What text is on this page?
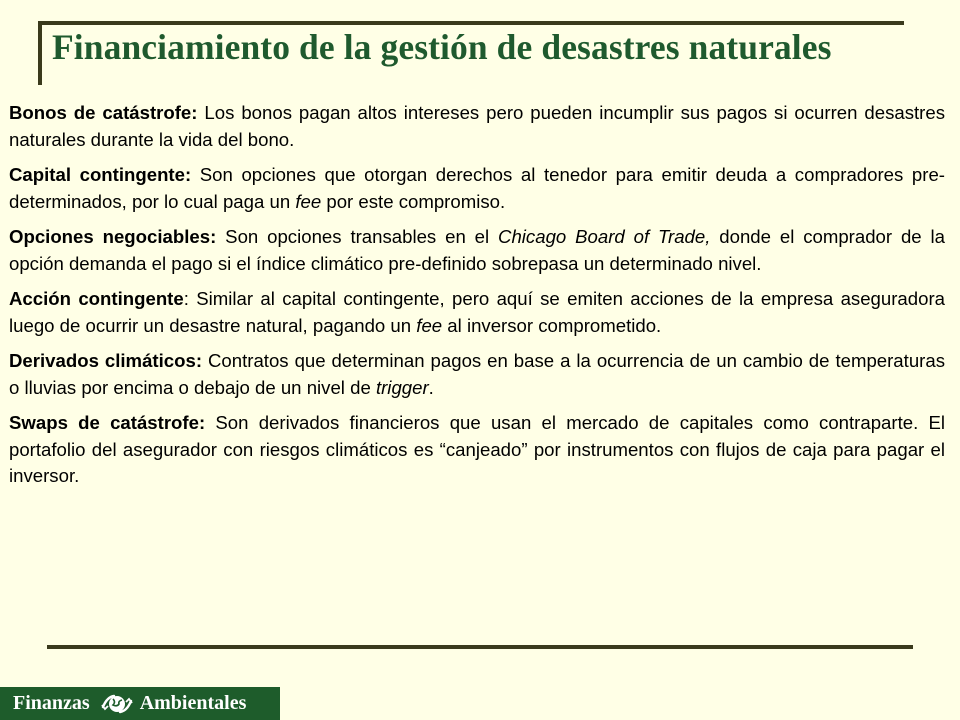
Financiamiento de la gestión de desastres naturales

Bonos de catástrofe: Los bonos pagan altos intereses pero pueden incumplir sus pagos si ocurren desastres naturales durante la vida del bono.

Capital contingente: Son opciones que otorgan derechos al tenedor para emitir deuda a compradores pre-determinados, por lo cual paga un fee por este compromiso.

Opciones negociables: Son opciones transables en el Chicago Board of Trade, donde el comprador de la opción demanda el pago si el índice climático pre-definido sobrepasa un determinado nivel.

Acción contingente: Similar al capital contingente, pero aquí se emiten acciones de la empresa aseguradora luego de ocurrir un desastre natural, pagando un fee al inversor comprometido.

Derivados climáticos: Contratos que determinan pagos en base a la ocurrencia de un cambio de temperaturas o lluvias por encima o debajo de un nivel de trigger.

Swaps de catástrofe: Son derivados financieros que usan el mercado de capitales como contraparte. El portafolio del asegurador con riesgos climáticos es “canjeado” por instrumentos con flujos de caja para pagar el inversor.

Finanzas	Ambientales
